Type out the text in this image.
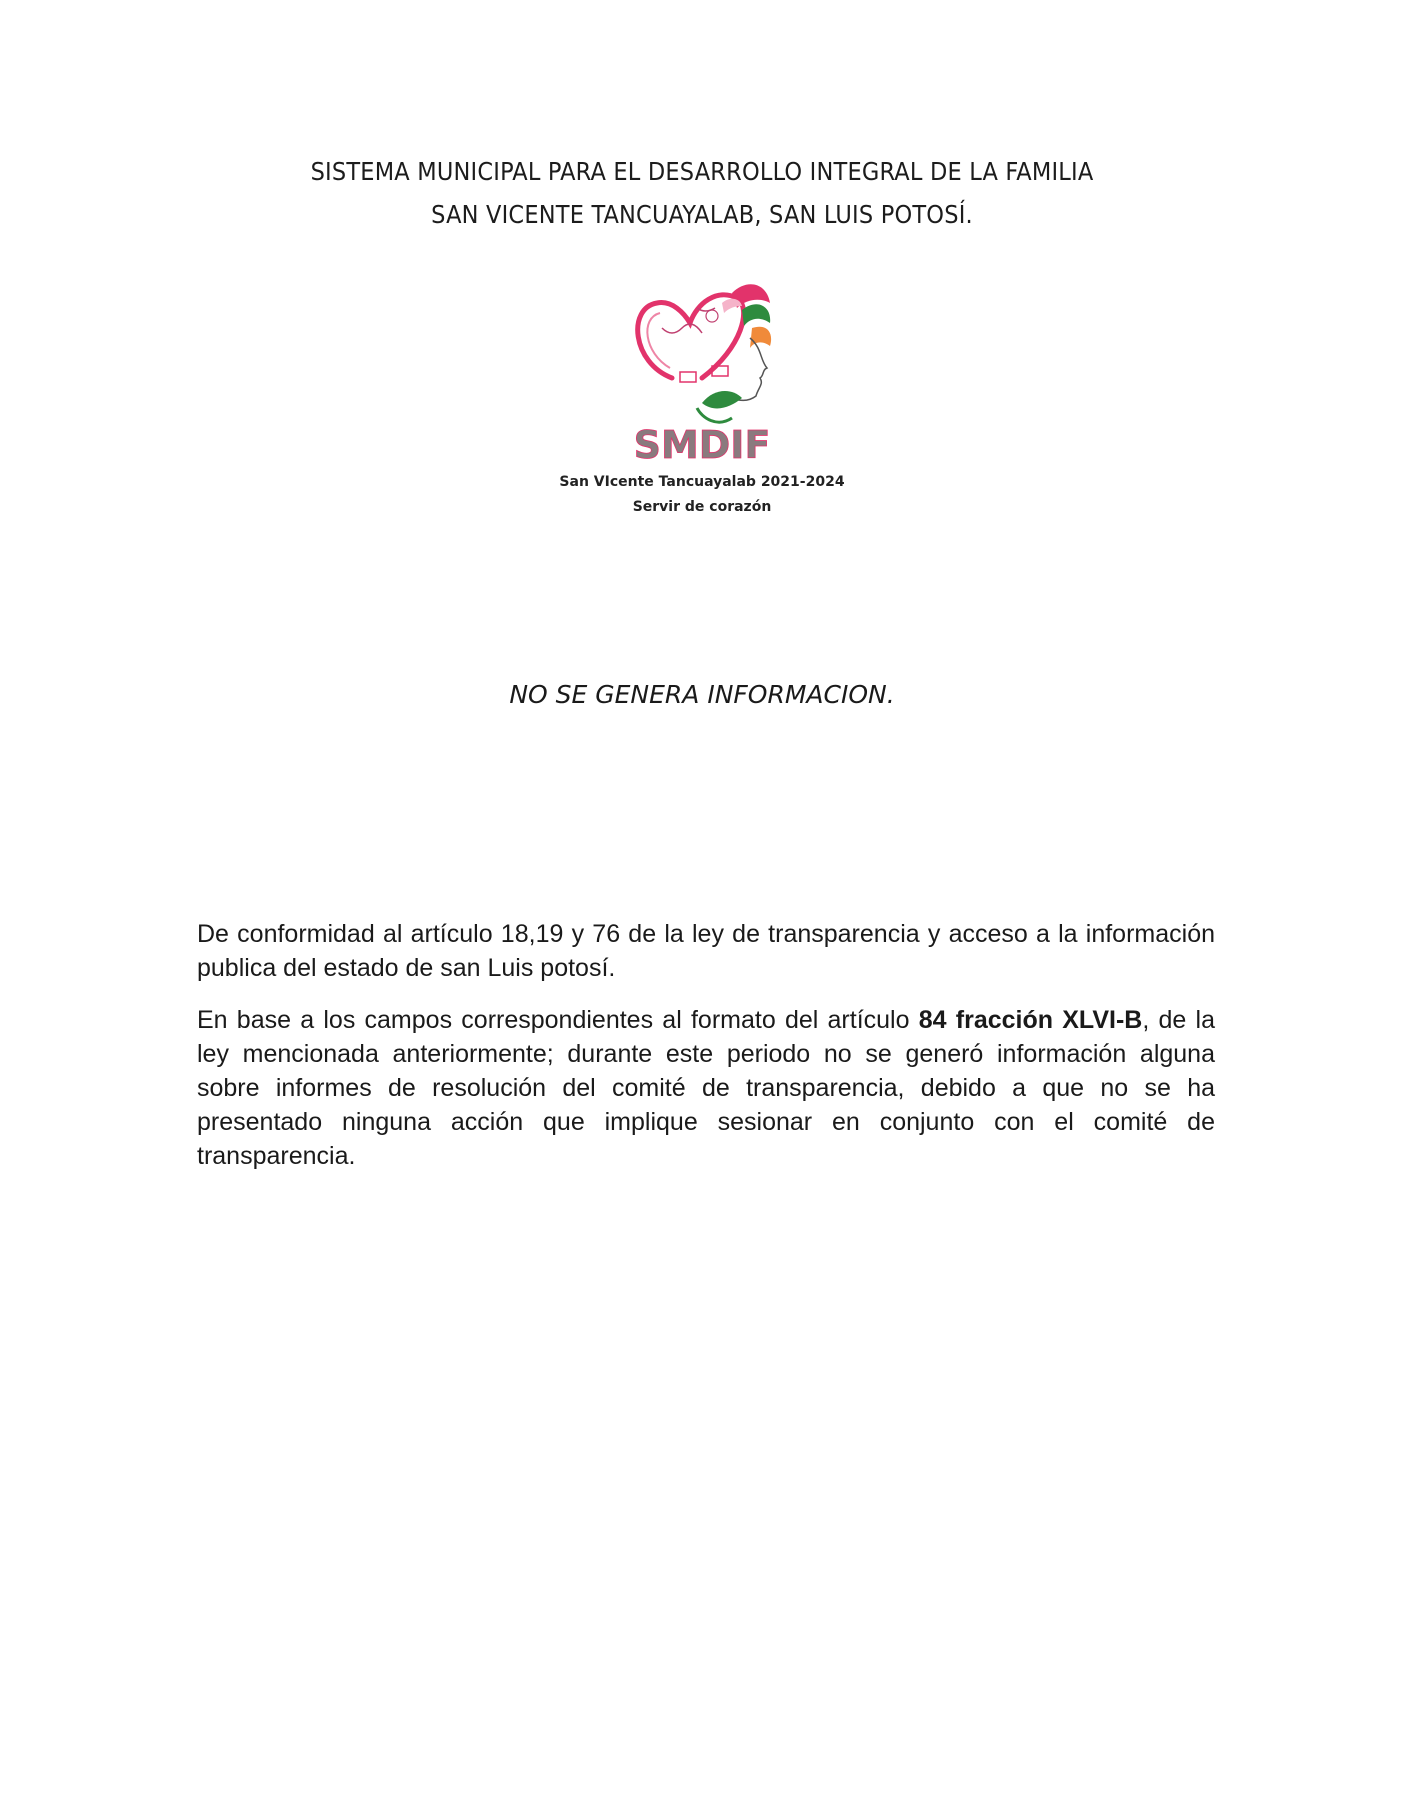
SISTEMA MUNICIPAL PARA EL DESARROLLO INTEGRAL DE LA FAMILIA
SAN VICENTE TANCUAYALAB, SAN LUIS POTOSÍ.
SMDIF
San VIcente Tancuayalab 2021-2024
Servir de corazón
NO SE GENERA INFORMACION.
De conformidad al artículo 18,19 y 76 de la ley de transparencia y acceso a la información publica del estado de san Luis potosí.
En base a los campos correspondientes al formato del artículo 84 fracción XLVI-B, de la ley mencionada anteriormente; durante este periodo no se generó información alguna sobre informes de resolución del comité de transparencia, debido a que no se ha presentado ninguna acción que implique sesionar en conjunto con el comité de transparencia.
